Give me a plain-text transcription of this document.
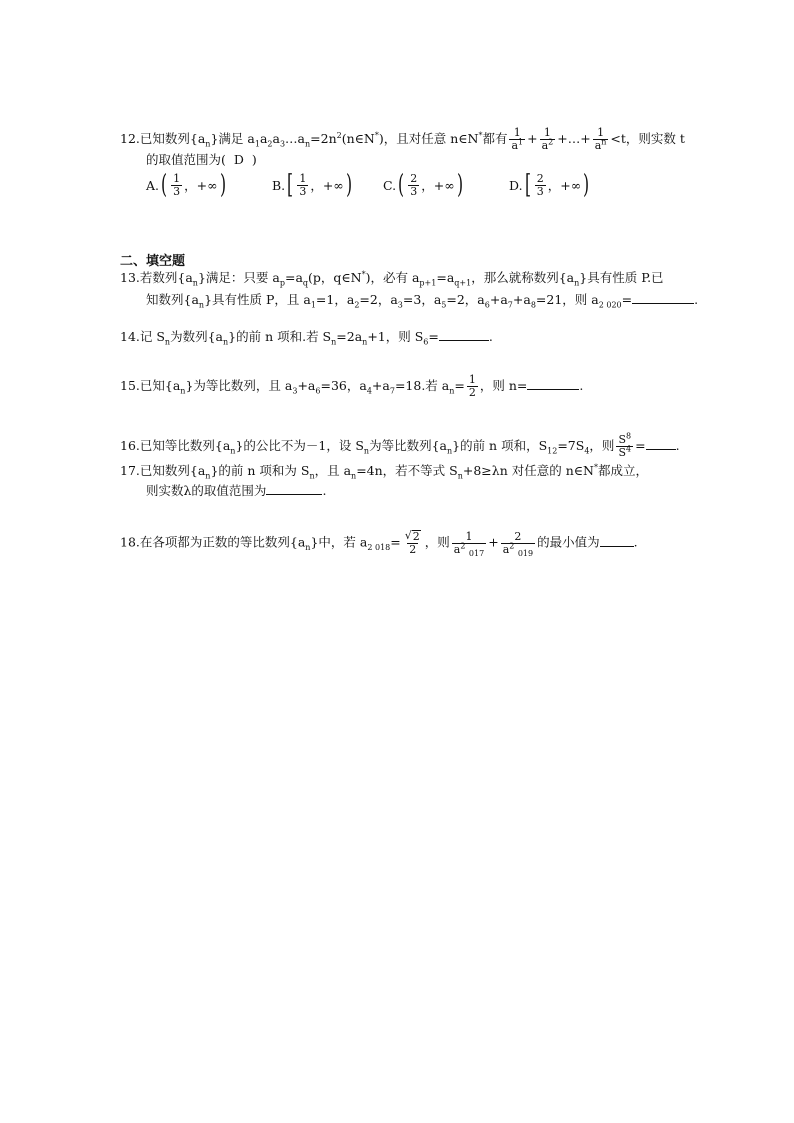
12.已知数列$\{a_n\}$满足 $a_1a_2a_3\dots a_n=2n^2(n\in N^*)$，且对任意 n∈N*都有 $\frac{1}{a^1} + \frac{1}{a^2}$ +…+ $\frac{1}{a^n} <t$，则实数 t
的取值范围为( D )
A. ( $\frac{1}{3}$ ，+∞ )	B. [ $\frac{1}{3}$ ，+∞ ) C. ( $\frac{2}{3}$ ，+∞ )	D. [ $\frac{2}{3}$ ，+∞ )
二、填空题
13.若数列$\{a_n\}$满足：只要 $a_p=a_q(p$，q∈N*)，必有 $a_{p+1}=a_{q+1}$，那么就称数列$\{a_n\}$具有性质 P.已
知数列$\{a_n\}$具有性质 P，且 $a_1=1$，$a_2=2$，$a_3=3$，$a_5=2$，$a_6+a_7+a_8=21$，则 $a_{2 020}=$	.
14.记 $S_n$为数列$\{a_n\}$的前 n 项和.若 $S_n=2a_n+1$，则 $S_6=$	.
15.已知$\{a_n\}$为等比数列，且 $a_3+a_6=36$，$a_4+a_7=18$.若 $a_n= \frac{1}{2}$ ，则 n=	.
16.已知等比数列$\{a_n\}$的公比不为－1，设 $S_n$为等比数列$\{a_n\}$的前 n 项和，$S_{12}=7S_4$，则 $\frac{S^8}{S^4}$ = .
17.已知数列$\{a_n\}$的前 n 项和为 $S_n$，且 $a_n=4n$，若不等式 $S_n+8\ge\lambda n$ 对任意的 n∈N*都成立，
则实数λ的取值范围为	.
18.在各项都为正数的等比数列$\{a_n\}$中，若 $a_{2 018}= \frac{√ 2}{2}$ ，则 $\frac{1}{a^2 _{017}} + \frac{2}{a^2 _{019}}$ 的最小值为	.
